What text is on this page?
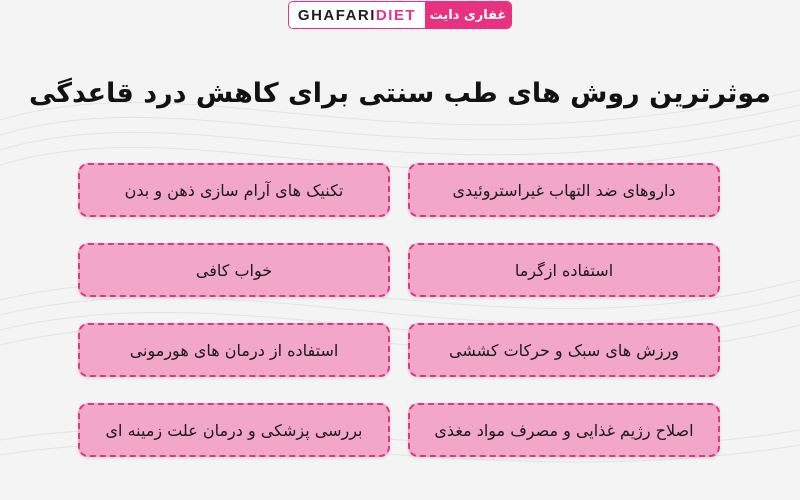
GHAFARI DIET	غفاری دایت
موثرترین روش های طب سنتی برای کاهش درد قاعدگی
داروهای ضد التهاب غیراستروئیدی
تکنیک های آرام سازی ذهن و بدن
استفاده ازگرما
خواب کافی
ورزش های سبک و حرکات کششی
استفاده از درمان های هورمونی
اصلاح رژیم غذایی و مصرف مواد مغذی
بررسی پزشکی و درمان علت زمینه ای
